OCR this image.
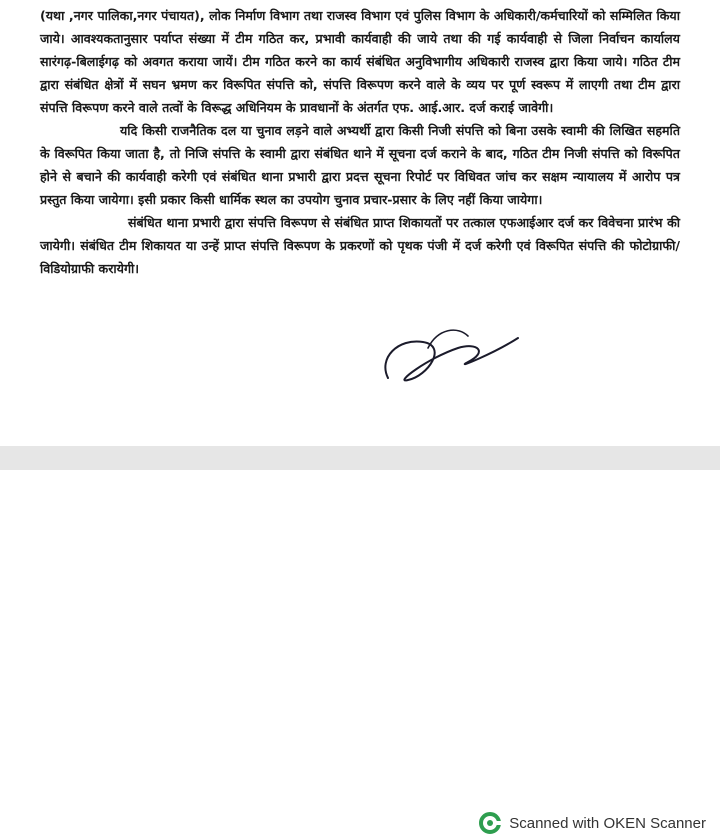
(यथा ,नगर पालिका,नगर पंचायत), लोक निर्माण विभाग तथा राजस्व विभाग एवं पुलिस विभाग के अधिकारी/कर्मचारियों को सम्मिलित किया जाये। आवश्यकतानुसार पर्याप्त संख्या में टीम गठित कर, प्रभावी कार्यवाही की जाये तथा की गई कार्यवाही से जिला निर्वाचन कार्यालय सारंगढ़-बिलाईगढ़ को अवगत कराया जायें। टीम गठित करने का कार्य संबंधित अनुविभागीय अधिकारी राजस्व द्वारा किया जाये। गठित टीम द्वारा संबंधित क्षेत्रों में सघन भ्रमण कर विरूपित संपत्ति को, संपत्ति विरूपण करने वाले के व्यय पर पूर्ण स्वरूप में लाएगी तथा टीम द्वारा संपत्ति विरूपण करने वाले तत्वों के विरूद्ध अधिनियम के प्रावधानों के अंतर्गत एफ. आई.आर. दर्ज कराई जावेगी।

यदि किसी राजनैतिक दल या चुनाव लड़ने वाले अभ्यर्थी द्वारा किसी निजी संपत्ति को बिना उसके स्वामी की लिखित सहमति के विरूपित किया जाता है, तो निजि संपत्ति के स्वामी द्वारा संबंधित थाने में सूचना दर्ज कराने के बाद, गठित टीम निजी संपत्ति को विरूपित होने से बचाने की कार्यवाही करेगी एवं संबंधित थाना प्रभारी द्वारा प्रदत्त सूचना रिपोर्ट पर विधिवत जांच कर सक्षम न्यायालय में आरोप पत्र प्रस्तुत किया जायेगा। इसी प्रकार किसी धार्मिक स्थल का उपयोग चुनाव प्रचार-प्रसार के लिए नहीं किया जायेगा।

संबंधित थाना प्रभारी द्वारा संपत्ति विरूपण से संबंधित प्राप्त शिकायतों पर तत्काल एफआईआर दर्ज कर विवेचना प्रारंभ की जायेगी। संबंधित टीम शिकायत या उन्हें प्राप्त संपत्ति विरूपण के प्रकरणों को पृथक पंजी में दर्ज करेगी एवं विरूपित संपत्ति की फोटोग्राफी/ विडियोग्राफी करायेगी।

Scanned with OKEN Scanner
